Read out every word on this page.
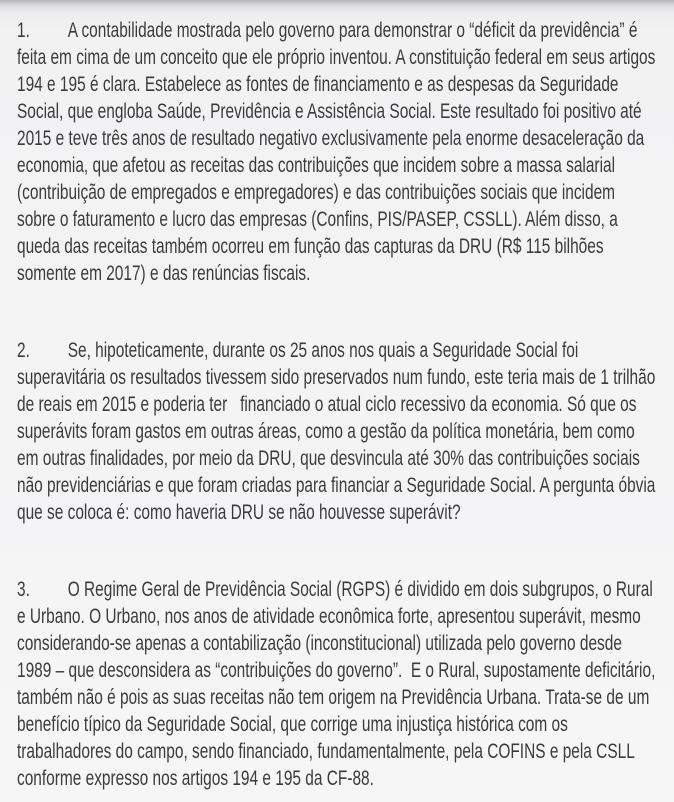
1. A contabilidade mostrada pelo governo para demonstrar o “déficit da previdência” é feita em cima de um conceito que ele próprio inventou. A constituição federal em seus artigos 194 e 195 é clara. Estabelece as fontes de financiamento e as despesas da Seguridade Social, que engloba Saúde, Previdência e Assistência Social. Este resultado foi positivo até 2015 e teve três anos de resultado negativo exclusivamente pela enorme desaceleração da economia, que afetou as receitas das contribuições que incidem sobre a massa salarial (contribuição de empregados e empregadores) e das contribuições sociais que incidem sobre o faturamento e lucro das empresas (Confins, PIS/PASEP, CSSLL). Além disso, a queda das receitas também ocorreu em função das capturas da DRU (R$ 115 bilhões somente em 2017) e das renúncias fiscais.
2. Se, hipoteticamente, durante os 25 anos nos quais a Seguridade Social foi superavitária os resultados tivessem sido preservados num fundo, este teria mais de 1 trilhão de reais em 2015 e poderia ter   financiado o atual ciclo recessivo da economia. Só que os superávits foram gastos em outras áreas, como a gestão da política monetária, bem como em outras finalidades, por meio da DRU, que desvincula até 30% das contribuições sociais não previdenciárias e que foram criadas para financiar a Seguridade Social. A pergunta óbvia que se coloca é: como haveria DRU se não houvesse superávit?
3. O Regime Geral de Previdência Social (RGPS) é dividido em dois subgrupos, o Rural e Urbano. O Urbano, nos anos de atividade econômica forte, apresentou superávit, mesmo considerando-se apenas a contabilização (inconstitucional) utilizada pelo governo desde 1989 – que desconsidera as “contribuições do governo”.  E o Rural, supostamente deficitário, também não é pois as suas receitas não tem origem na Previdência Urbana. Trata-se de um benefício típico da Seguridade Social, que corrige uma injustiça histórica com os trabalhadores do campo, sendo financiado, fundamentalmente, pela COFINS e pela CSLL conforme expresso nos artigos 194 e 195 da CF-88.
